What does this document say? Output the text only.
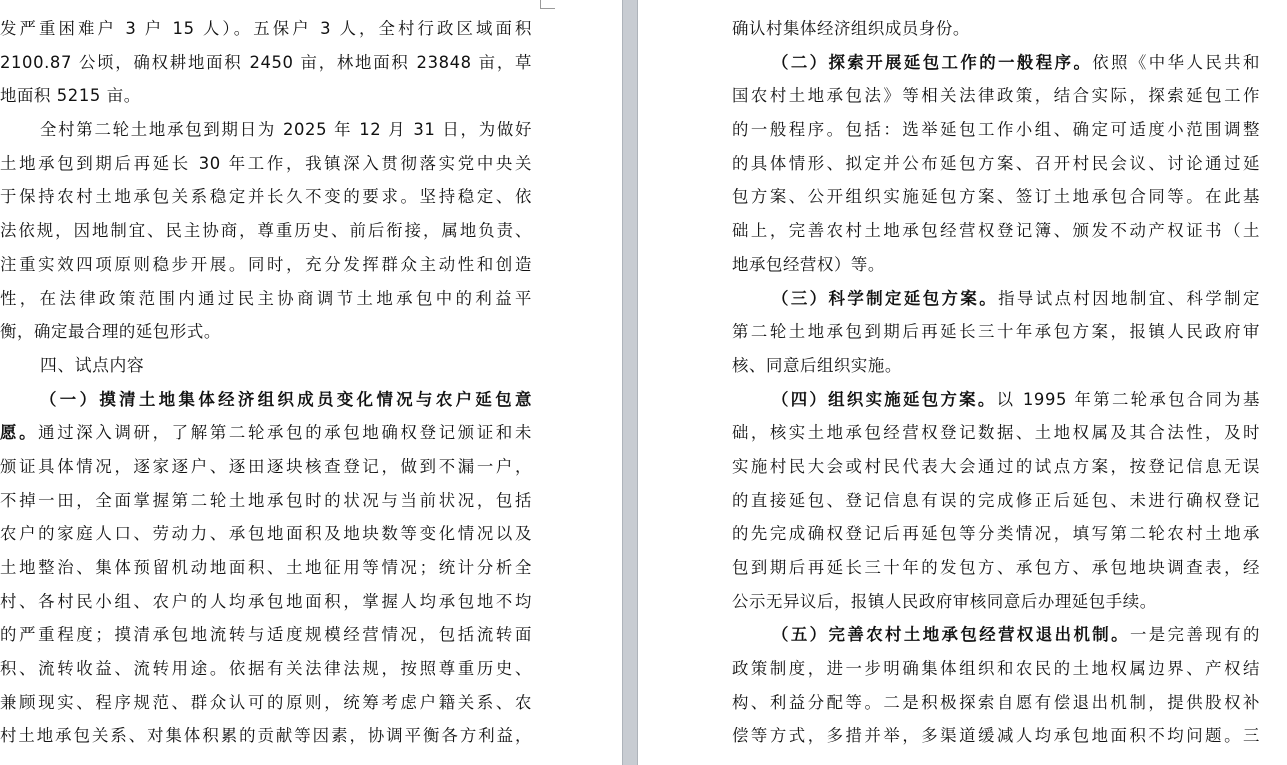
发严重困难户 3 户 15 人）。五保户 3 人，全村行政区域面积
2100.87 公顷，确权耕地面积 2450 亩，林地面积 23848 亩，草
地面积 5215 亩。
全村第二轮土地承包到期日为 2025 年 12 月 31 日，为做好
土地承包到期后再延长 30 年工作，我镇深入贯彻落实党中央关
于保持农村土地承包关系稳定并长久不变的要求。坚持稳定、依
法依规，因地制宜、民主协商，尊重历史、前后衔接，属地负责、
注重实效四项原则稳步开展。同时，充分发挥群众主动性和创造
性，在法律政策范围内通过民主协商调节土地承包中的利益平
衡，确定最合理的延包形式。
四、试点内容
（一）摸清土地集体经济组织成员变化情况与农户延包意
愿。通过深入调研，了解第二轮承包的承包地确权登记颁证和未
颁证具体情况，逐家逐户、逐田逐块核查登记，做到不漏一户，
不掉一田，全面掌握第二轮土地承包时的状况与当前状况，包括
农户的家庭人口、劳动力、承包地面积及地块数等变化情况以及
土地整治、集体预留机动地面积、土地征用等情况；统计分析全
村、各村民小组、农户的人均承包地面积，掌握人均承包地不均
的严重程度；摸清承包地流转与适度规模经营情况，包括流转面
积、流转收益、流转用途。依据有关法律法规，按照尊重历史、
兼顾现实、程序规范、群众认可的原则，统筹考虑户籍关系、农
村土地承包关系、对集体积累的贡献等因素，协调平衡各方利益，
确认村集体经济组织成员身份。
（二）探索开展延包工作的一般程序。依照《中华人民共和
国农村土地承包法》等相关法律政策，结合实际，探索延包工作
的一般程序。包括：选举延包工作小组、确定可适度小范围调整
的具体情形、拟定并公布延包方案、召开村民会议、讨论通过延
包方案、公开组织实施延包方案、签订土地承包合同等。在此基
础上，完善农村土地承包经营权登记簿、颁发不动产权证书（土
地承包经营权）等。
（三）科学制定延包方案。指导试点村因地制宜、科学制定
第二轮土地承包到期后再延长三十年承包方案，报镇人民政府审
核、同意后组织实施。
（四）组织实施延包方案。以 1995 年第二轮承包合同为基
础，核实土地承包经营权登记数据、土地权属及其合法性，及时
实施村民大会或村民代表大会通过的试点方案，按登记信息无误
的直接延包、登记信息有误的完成修正后延包、未进行确权登记
的先完成确权登记后再延包等分类情况，填写第二轮农村土地承
包到期后再延长三十年的发包方、承包方、承包地块调查表，经
公示无异议后，报镇人民政府审核同意后办理延包手续。
（五）完善农村土地承包经营权退出机制。一是完善现有的
政策制度，进一步明确集体组织和农民的土地权属边界、产权结
构、利益分配等。二是积极探索自愿有偿退出机制，提供股权补
偿等方式，多措并举，多渠道缓减人均承包地面积不均问题。三
